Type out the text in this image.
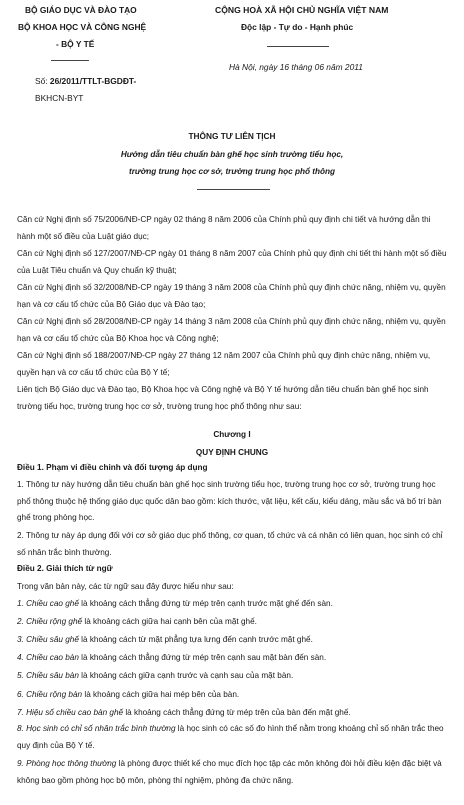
BỘ GIÁO DỤC VÀ ĐÀO TẠO
BỘ KHOA HỌC VÀ CÔNG NGHỆ
- BỘ Y TẾ
Số: 26/2011/TTLT-BGDĐT-
BKHCN-BYT
CỘNG HOÀ XÃ HỘI CHỦ NGHĨA VIỆT NAM
Độc lập - Tự do - Hạnh phúc
Hà Nội, ngày 16 tháng 06 năm 2011
THÔNG TƯ LIÊN TỊCH
Hướng dẫn tiêu chuẩn bàn ghế học sinh trường tiểu học,
trường trung học cơ sở, trường trung học phổ thông
Căn cứ Nghị định số 75/2006/NĐ-CP ngày 02 tháng 8 năm 2006 của Chính phủ quy định chi tiết và hướng dẫn thi hành một số điều của Luật giáo dục;
Căn cứ Nghị định số 127/2007/NĐ-CP ngày 01 tháng 8 năm 2007 của Chính phủ quy định chi tiết thi hành một số điều của Luật Tiêu chuẩn và Quy chuẩn kỹ thuật;
Căn cứ Nghị định số 32/2008/NĐ-CP ngày 19 tháng 3 năm 2008 của Chính phủ quy định chức năng, nhiệm vụ, quyền hạn và cơ cấu tổ chức của Bộ Giáo dục và Đào tạo;
Căn cứ Nghị định số 28/2008/NĐ-CP ngày 14 tháng 3 năm 2008 của Chính phủ quy định chức năng, nhiệm vụ, quyền hạn và cơ cấu tổ chức của Bộ Khoa học và Công nghệ;
Căn cứ Nghị định số 188/2007/NĐ-CP ngày 27 tháng 12 năm 2007 của Chính phủ quy định chức năng, nhiệm vụ, quyền hạn và cơ cấu tổ chức của Bộ Y tế;
Liên tịch Bộ Giáo dục và Đào tạo, Bộ Khoa học và Công nghệ và Bộ Y tế hướng dẫn tiêu chuẩn bàn ghế học sinh trường tiểu học, trường trung học cơ sở, trường trung học phổ thông như sau:
Chương I
QUY ĐỊNH CHUNG
Điều 1. Phạm vi điều chỉnh và đối tượng áp dụng
1. Thông tư này hướng dẫn tiêu chuẩn bàn ghế học sinh trường tiểu học, trường trung học cơ sở, trường trung học phổ thông thuộc hệ thống giáo dục quốc dân bao gồm: kích thước, vật liệu, kết cấu, kiểu dáng, mầu sắc và bố trí bàn ghế trong phòng học.
2. Thông tư này áp dụng đối với cơ sở giáo dục phổ thông, cơ quan, tổ chức và cá nhân có liên quan, học sinh có chỉ số nhân trắc bình thường.
Điều 2. Giải thích từ ngữ
Trong văn bản này, các từ ngữ sau đây được hiểu như sau:
1. Chiều cao ghế là khoảng cách thẳng đứng từ mép trên cạnh trước mặt ghế đến sàn.
2. Chiều rộng ghế là khoảng cách giữa hai cạnh bên của mặt ghế.
3. Chiều sâu ghế là khoảng cách từ mặt phẳng tựa lưng đến cạnh trước mặt ghế.
4. Chiều cao bàn là khoảng cách thẳng đứng từ mép trên cạnh sau mặt bàn đến sàn.
5. Chiều sâu bàn là khoảng cách giữa cạnh trước và cạnh sau của mặt bàn.
6. Chiều rộng bàn là khoảng cách giữa hai mép bên của bàn.
7. Hiệu số chiều cao bàn ghế là khoảng cách thẳng đứng từ mép trên của bàn đến mặt ghế.
8. Học sinh có chỉ số nhân trắc bình thường là học sinh có các số đo hình thể nằm trong khoảng chỉ số nhân trắc theo quy định của Bộ Y tế.
9. Phòng học thông thường là phòng được thiết kế cho mục đích học tập các môn không đòi hỏi điều kiện đặc biệt và không bao gồm phòng học bộ môn, phòng thí nghiệm, phòng đa chức năng.
